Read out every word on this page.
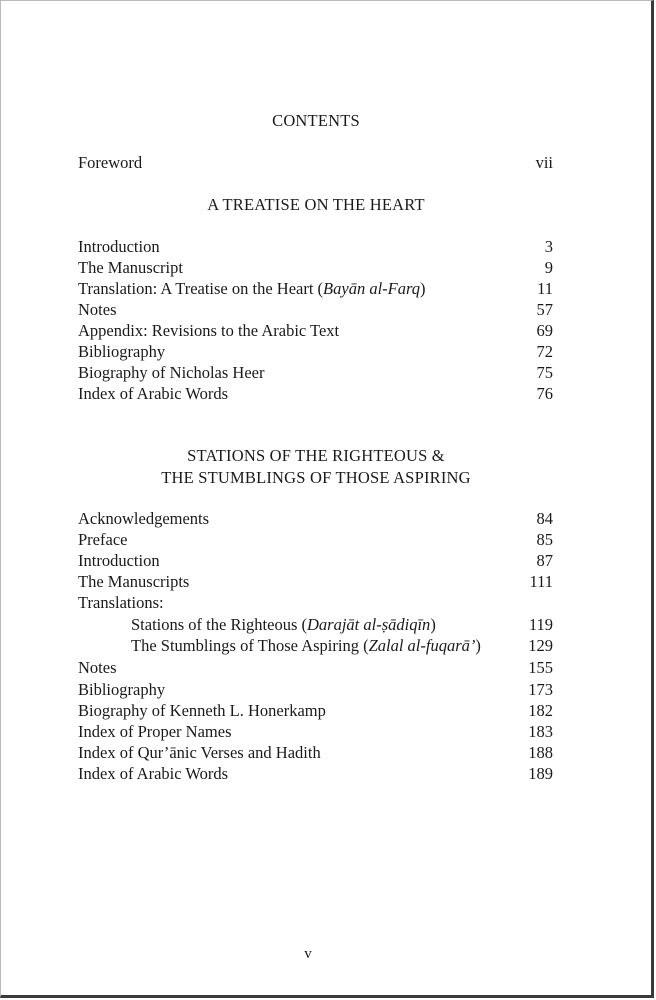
CONTENTS
Foreword	vii
A TREATISE ON THE HEART
Introduction	3
The Manuscript	9
Translation: A Treatise on the Heart (Bayān al-Farq)	11
Notes	57
Appendix: Revisions to the Arabic Text	69
Bibliography	72
Biography of Nicholas Heer	75
Index of Arabic Words	76
STATIONS OF THE RIGHTEOUS &
THE STUMBLINGS OF THOSE ASPIRING
Acknowledgements	84
Preface	85
Introduction	87
The Manuscripts	111
Translations:
Stations of the Righteous (Darajāt al-ṣādiqīn)	119
The Stumblings of Those Aspiring (Zalal al-fuqarā’)	129
Notes	155
Bibliography	173
Biography of Kenneth L. Honerkamp	182
Index of Proper Names	183
Index of Qur’ānic Verses and Hadith	188
Index of Arabic Words	189
v
